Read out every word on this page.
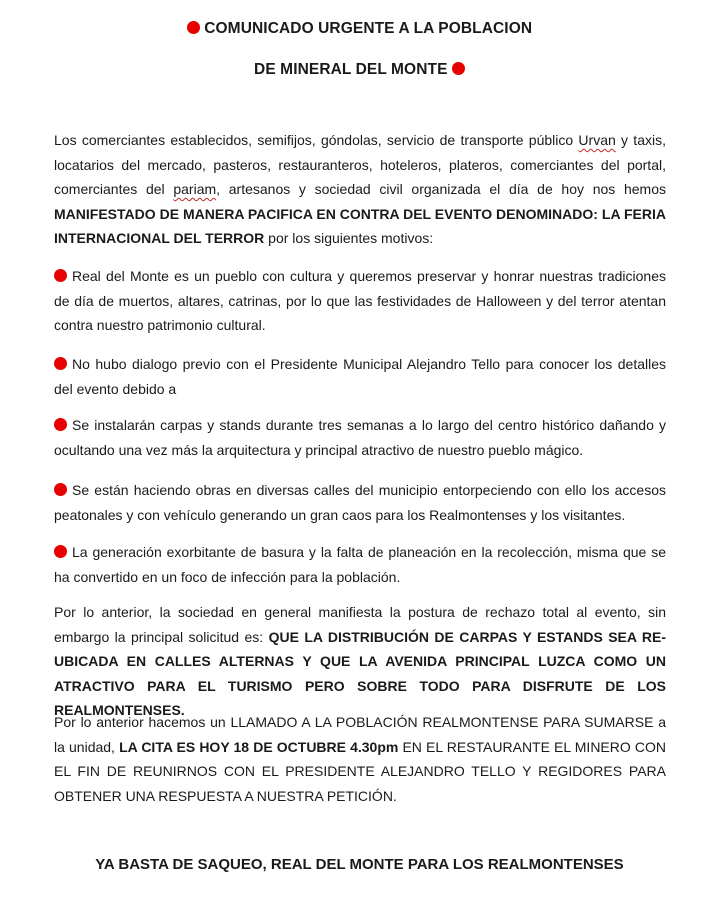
COMUNICADO URGENTE A LA POBLACION
DE MINERAL DEL MONTE
Los comerciantes establecidos, semifijos, góndolas, servicio de transporte público Urvan y taxis, locatarios del mercado, pasteros, restauranteros, hoteleros, plateros, comerciantes del portal, comerciantes del pariam, artesanos y sociedad civil organizada el día de hoy nos hemos MANIFESTADO DE MANERA PACIFICA EN CONTRA DEL EVENTO DENOMINADO: LA FERIA INTERNACIONAL DEL TERROR por los siguientes motivos:
Real del Monte es un pueblo con cultura y queremos preservar y honrar nuestras tradiciones de día de muertos, altares, catrinas, por lo que las festividades de Halloween y del terror atentan contra nuestro patrimonio cultural.
No hubo dialogo previo con el Presidente Municipal Alejandro Tello para conocer los detalles del evento debido a
Se instalarán carpas y stands durante tres semanas a lo largo del centro histórico dañando y ocultando una vez más la arquitectura y principal atractivo de nuestro pueblo mágico.
Se están haciendo obras en diversas calles del municipio entorpeciendo con ello los accesos peatonales y con vehículo generando un gran caos para los Realmontenses y los visitantes.
La generación exorbitante de basura y la falta de planeación en la recolección, misma que se ha convertido en un foco de infección para la población.
Por lo anterior, la sociedad en general manifiesta la postura de rechazo total al evento, sin embargo la principal solicitud es: QUE LA DISTRIBUCIÓN DE CARPAS Y ESTANDS SEA RE-UBICADA EN CALLES ALTERNAS Y QUE LA AVENIDA PRINCIPAL LUZCA COMO UN ATRACTIVO PARA EL TURISMO PERO SOBRE TODO PARA DISFRUTE DE LOS REALMONTENSES.
Por lo anterior hacemos un LLAMADO A LA POBLACIÓN REALMONTENSE PARA SUMARSE a la unidad, LA CITA ES HOY 18 DE OCTUBRE 4.30pm EN EL RESTAURANTE EL MINERO CON EL FIN DE REUNIRNOS CON EL PRESIDENTE ALEJANDRO TELLO Y REGIDORES PARA OBTENER UNA RESPUESTA A NUESTRA PETICIÓN.
YA BASTA DE SAQUEO, REAL DEL MONTE PARA LOS REALMONTENSES
